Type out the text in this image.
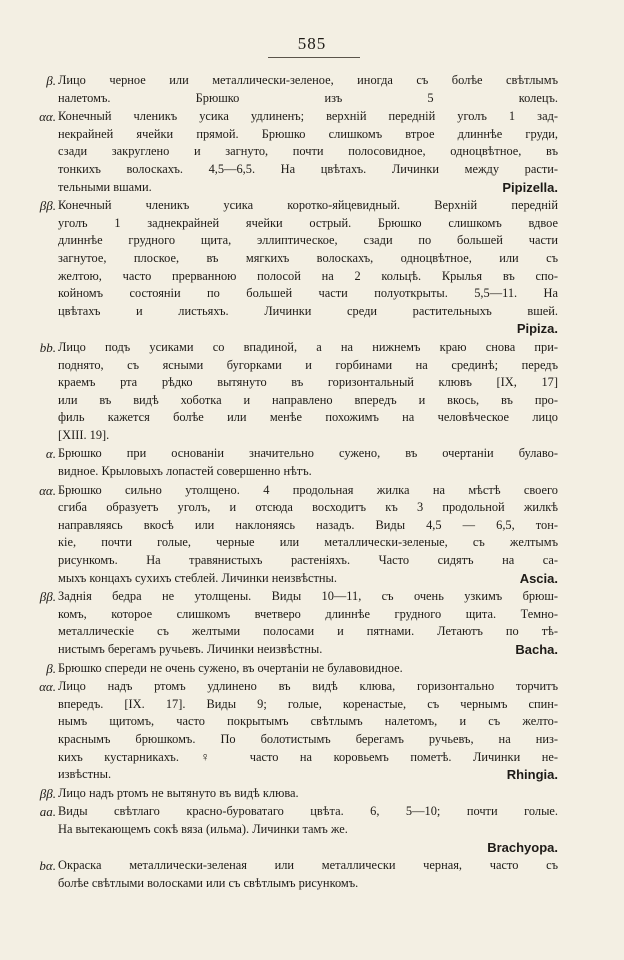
585
β. Лицо черное или металлически-зеленое, иногда съ болѣе свѣтлымъ
налетомъ. Брюшко изъ 5 колецъ.
αα. Конечный членикъ усика удлиненъ; верхній передній уголъ 1 зад-
некрайней ячейки прямой. Брюшко слишкомъ втрое длиннѣе груди,
сзади закруглено и загнуто, почти полосовидное, одноцвѣтное, въ
тонкихъ волоскахъ. 4,5—6,5. На цвѣтахъ. Личинки между расти-
тельными вшами.	Pipizella.
ββ. Конечный членикъ усика коротко-яйцевидный. Верхній передній
уголъ 1 заднекрайней ячейки острый. Брюшко слишкомъ вдвое
длиннѣе грудного щита, эллиптическое, сзади по большей части
загнутое, плоское, въ мягкихъ волоскахъ, одноцвѣтное, или съ
желтою, часто прерванною полосой на 2 кольцѣ. Крылья въ спо-
койномъ состояніи по большей части полуоткрыты. 5,5—11. На
цвѣтахъ и листьяхъ. Личинки среди растительныхъ вшей.
Pipiza.
bb. Лицо подъ усиками со впадиной, а на нижнемъ краю снова при-
поднято, съ ясными бугорками и горбинами на срединѣ; передъ
краемъ рта рѣдко вытянуто въ горизонтальный клювъ [IX, 17]
или въ видѣ хоботка и направлено впередъ и вкось, въ про-
филь кажется болѣе или менѣе похожимъ на человѣческое лицо
[XIII. 19].
α. Брюшко при основаніи значительно сужено, въ очертаніи булаво-
видное. Крыловыхъ лопастей совершенно нѣтъ.
αα. Брюшко сильно утолщено. 4 продольная жилка на мѣстѣ своего
сгиба образуетъ уголъ, и отсюда восходитъ къ 3 продольной жилкѣ
направляясь вкосѣ или наклоняясь назадъ. Виды 4,5 — 6,5, тон-
кіе, почти голые, черные или металлически-зеленые, съ желтымъ
рисункомъ. На травянистыхъ растеніяхъ. Часто сидятъ на са-
мыхъ концахъ сухихъ стеблей. Личинки неизвѣстны.	Ascia.
ββ. Заднія бедра не утолщены. Виды 10—11, съ очень узкимъ брюш-
комъ, которое слишкомъ вчетверо длиннѣе грудного щита. Темно-
металлическіе съ желтыми полосами и пятнами. Летаютъ по тѣ-
нистымъ берегамъ ручьевъ. Личинки неизвѣстны.	Bacha.
β. Брюшко спереди не очень сужено, въ очертаніи не булавовидное.
αα. Лицо надъ ртомъ удлинено въ видѣ клюва, горизонтально торчитъ
впередъ. [IX. 17]. Виды 9; голые, коренастые, съ чернымъ спин-
нымъ щитомъ, часто покрытымъ свѣтлымъ налетомъ, и съ желто-
краснымъ брюшкомъ. По болотистымъ берегамъ ручьевъ, на низ-
кихъ кустарникахъ. ♀ часто на коровьемъ пометѣ. Личинки не-
извѣстны.	Rhingia.
ββ. Лицо надъ ртомъ не вытянуто въ видѣ клюва.
aa. Виды свѣтлаго красно-буроватаго цвѣта. 6, 5—10; почти голые.
На вытекающемъ сокѣ вяза (ильма). Личинки тамъ же.
Brachyopa.
bα. Окраска металлически-зеленая или металлически черная, часто съ
болѣе свѣтлыми волосками или съ свѣтлымъ рисункомъ.
